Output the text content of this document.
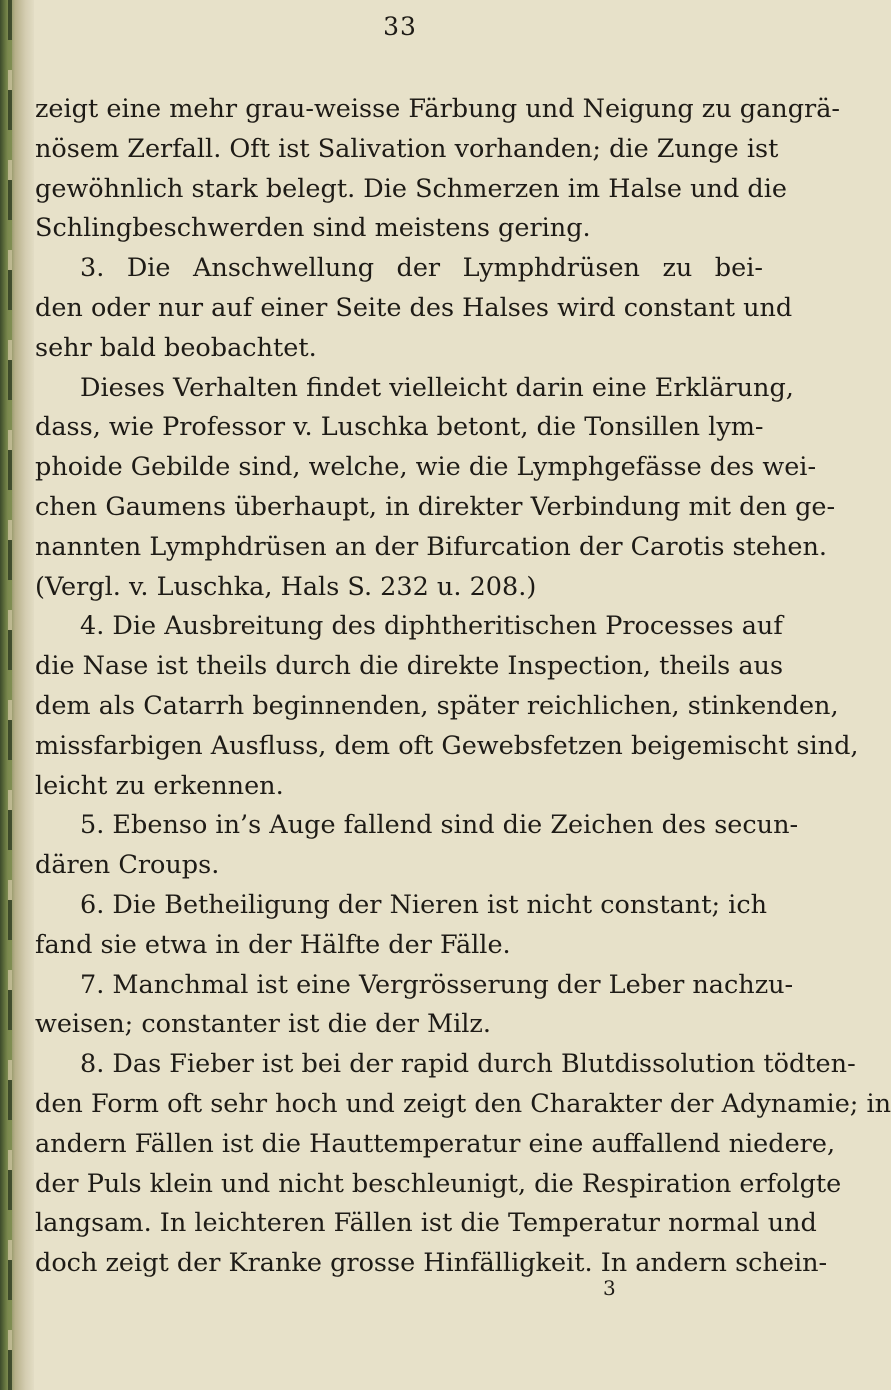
33
zeigt eine mehr grau-weisse Färbung und Neigung zu gangrä-
nösem Zerfall. Oft ist Salivation vorhanden; die Zunge ist
gewöhnlich stark belegt. Die Schmerzen im Halse und die
Schlingbeschwerden sind meistens gering.
3. Die Anschwellung der Lymphdrüsen zu bei-
den oder nur auf einer Seite des Halses wird constant und
sehr bald beobachtet.
Dieses Verhalten findet vielleicht darin eine Erklärung,
dass, wie Professor v. Luschka betont, die Tonsillen lym-
phoide Gebilde sind, welche, wie die Lymphgefässe des wei-
chen Gaumens überhaupt, in direkter Verbindung mit den ge-
nannten Lymphdrüsen an der Bifurcation der Carotis stehen.
(Vergl. v. Luschka, Hals S. 232 u. 208.)
4. Die Ausbreitung des diphtheritischen Processes auf
die Nase ist theils durch die direkte Inspection, theils aus
dem als Catarrh beginnenden, später reichlichen, stinkenden,
missfarbigen Ausfluss, dem oft Gewebsfetzen beigemischt sind,
leicht zu erkennen.
5. Ebenso in’s Auge fallend sind die Zeichen des secun-
dären Croups.
6. Die Betheiligung der Nieren ist nicht constant; ich
fand sie etwa in der Hälfte der Fälle.
7. Manchmal ist eine Vergrösserung der Leber nachzu-
weisen; constanter ist die der Milz.
8. Das Fieber ist bei der rapid durch Blutdissolution tödten-
den Form oft sehr hoch und zeigt den Charakter der Adynamie; in
andern Fällen ist die Hauttemperatur eine auffallend niedere,
der Puls klein und nicht beschleunigt, die Respiration erfolgte
langsam. In leichteren Fällen ist die Temperatur normal und
doch zeigt der Kranke grosse Hinfälligkeit. In andern schein-
3
